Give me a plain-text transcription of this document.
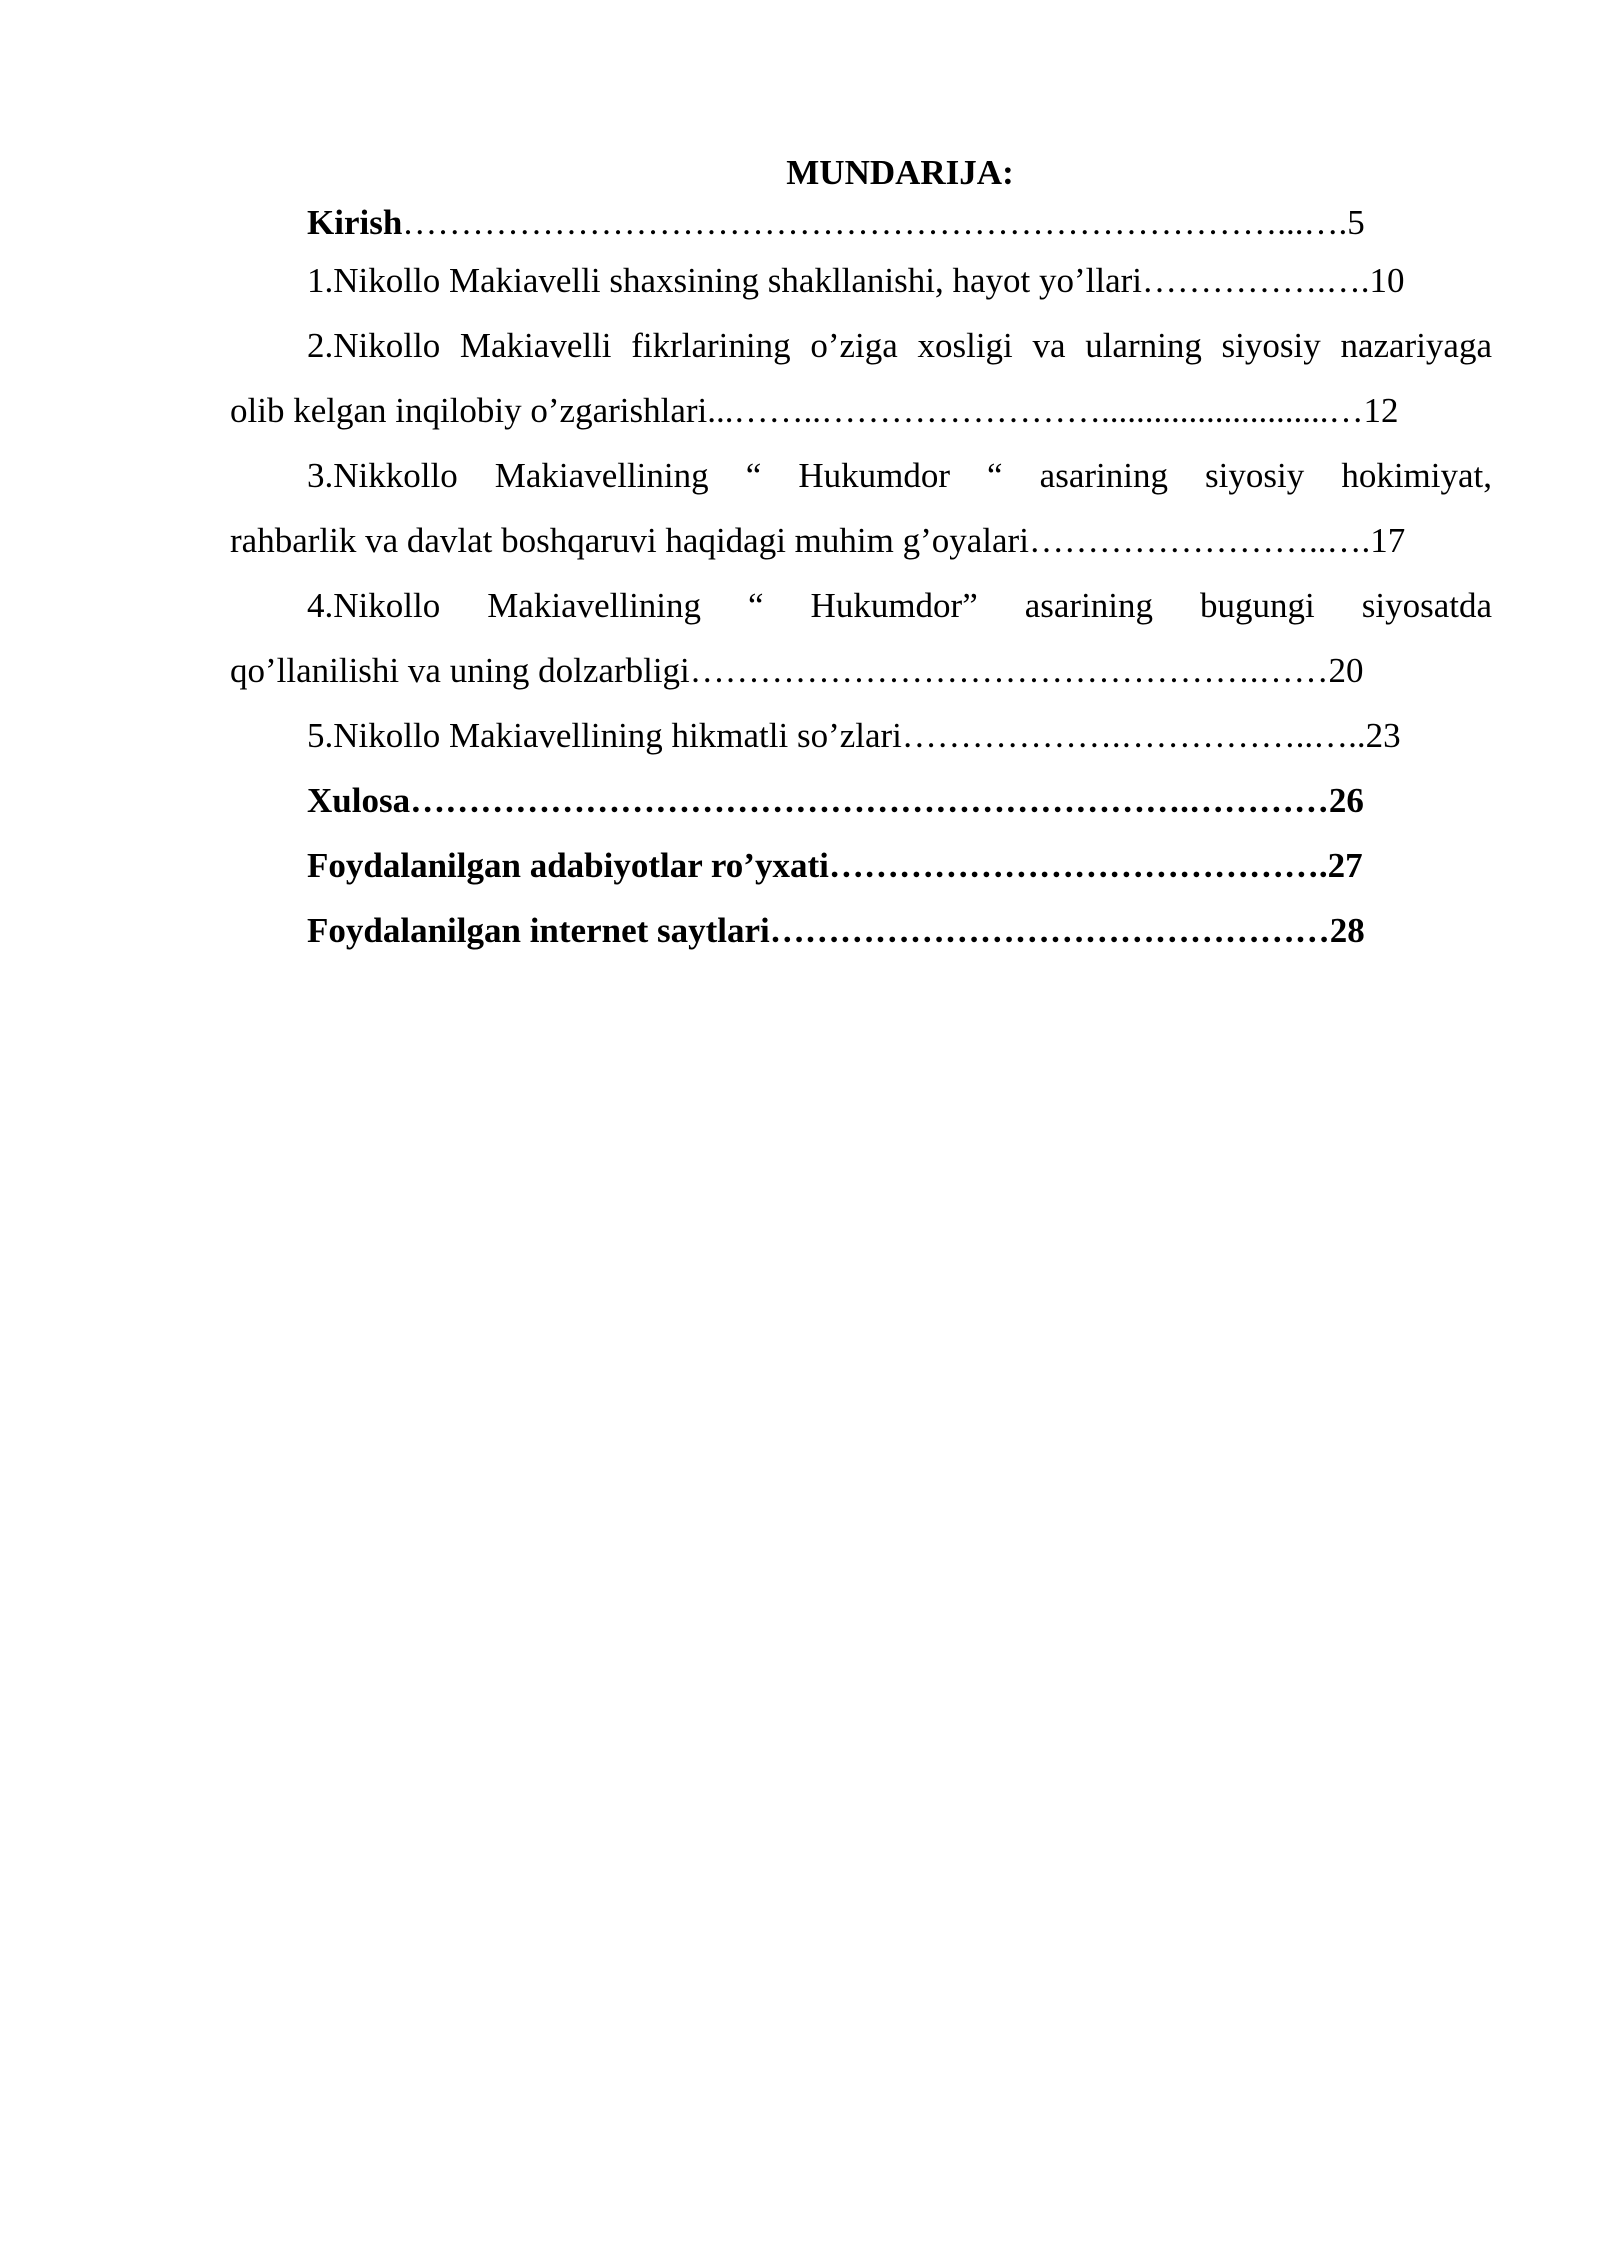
MUNDARIJA:
Kirish…………………………………………………………………...….5
1.Nikollo Makiavelli shaxsining shakllanishi, hayot yo’llari…………….….10
2.Nikollo Makiavelli fikrlarining o’ziga xosligi va ularning siyosiy nazariyaga
olib kelgan inqilobiy o’zgarishlari...……..……………………..........................…12
3.Nikkollo Makiavellining “ Hukumdor “ asarining siyosiy hokimiyat,
rahbarlik va davlat boshqaruvi haqidagi muhim g’oyalari……………………..….17
4.Nikollo Makiavellining “ Hukumdor” asarining bugungi siyosatda
qo’llanilishi va uning dolzarbligi………………………………………….……20
5.Nikollo Makiavellining hikmatli so’zlari……………….……………..…..23
Xulosa………………………………………………………….…………26
Foydalanilgan adabiyotlar ro’yxati…………………………………….27
Foydalanilgan internet saytlari…………………………………………28
